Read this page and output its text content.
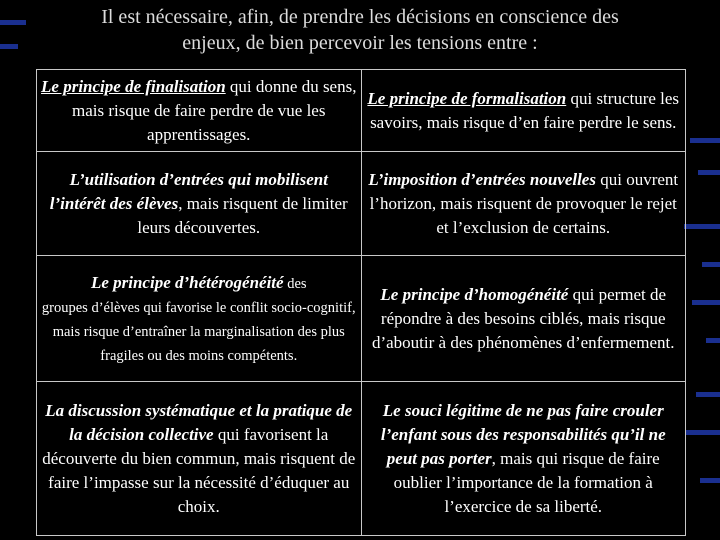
Il est nécessaire, afin, de prendre les décisions en conscience des
enjeux, de bien percevoir les tensions entre :
Le principe de finalisation qui donne du sens, mais risque de faire perdre de vue les apprentissages.	Le principe de formalisation qui structure les savoirs, mais risque d’en faire perdre le sens.
L’utilisation d’entrées qui mobilisent l’intérêt des élèves, mais risquent de limiter leurs découvertes.	L’imposition d’entrées nouvelles qui ouvrent l’horizon, mais risquent de provoquer le rejet et l’exclusion de certains.
Le principe d’hétérogénéité des
groupes d’élèves qui favorise le conflit socio-cognitif, mais risque d’entraîner la marginalisation des plus fragiles ou des moins compétents.	Le principe d’homogénéité qui permet de répondre à des besoins ciblés, mais risque d’aboutir à des phénomènes d’enfermement.
La discussion systématique et la pratique de la décision collective qui favorisent la découverte du bien commun, mais risquent de faire l’impasse sur la nécessité d’éduquer au choix.	Le souci légitime de ne pas faire crouler l’enfant sous des responsabilités qu’il ne peut pas porter, mais qui risque de faire oublier l’importance de la formation à l’exercice de sa liberté.
